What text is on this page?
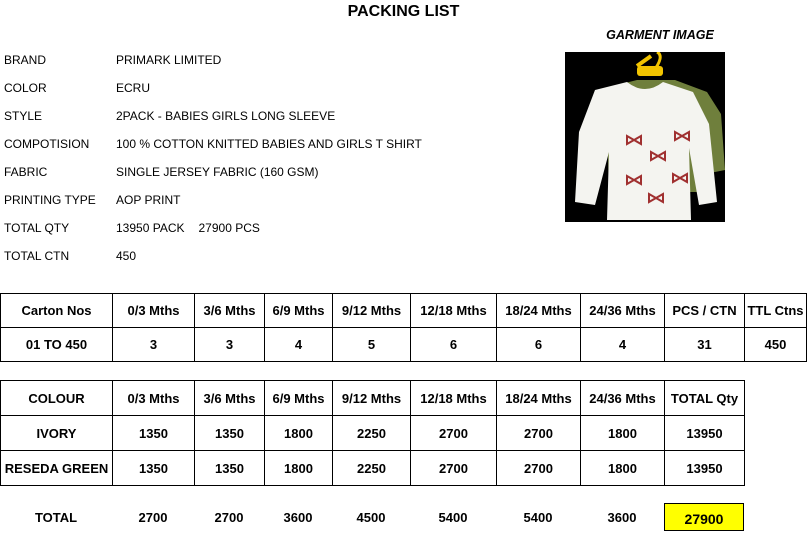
PACKING LIST
GARMENT IMAGE
BRAND	PRIMARK LIMITED
COLOR	ECRU
STYLE	2PACK - BABIES GIRLS LONG SLEEVE
COMPOTISION 100 % COTTON KNITTED BABIES AND GIRLS T SHIRT
FABRIC	SINGLE JERSEY FABRIC (160 GSM)
PRINTING TYPE AOP PRINT
TOTAL QTY	13950 PACK 27900 PCS
TOTAL CTN	450
Carton Nos	0/3 Mths	3/6 Mths	6/9 Mths	9/12 Mths	12/18 Mths	18/24 Mths	24/36 Mths	PCS / CTN	TTL Ctns
01 TO 450	3	3	4	5	6	6	4	31	450
COLOUR	0/3 Mths	3/6 Mths	6/9 Mths	9/12 Mths	12/18 Mths	18/24 Mths	24/36 Mths	TOTAL Qty
IVORY	1350	1350	1800	2250	2700	2700	1800	13950
RESEDA GREEN	1350	1350	1800	2250	2700	2700	1800	13950
TOTAL	2700	2700	3600	4500	5400	5400	3600	27900
